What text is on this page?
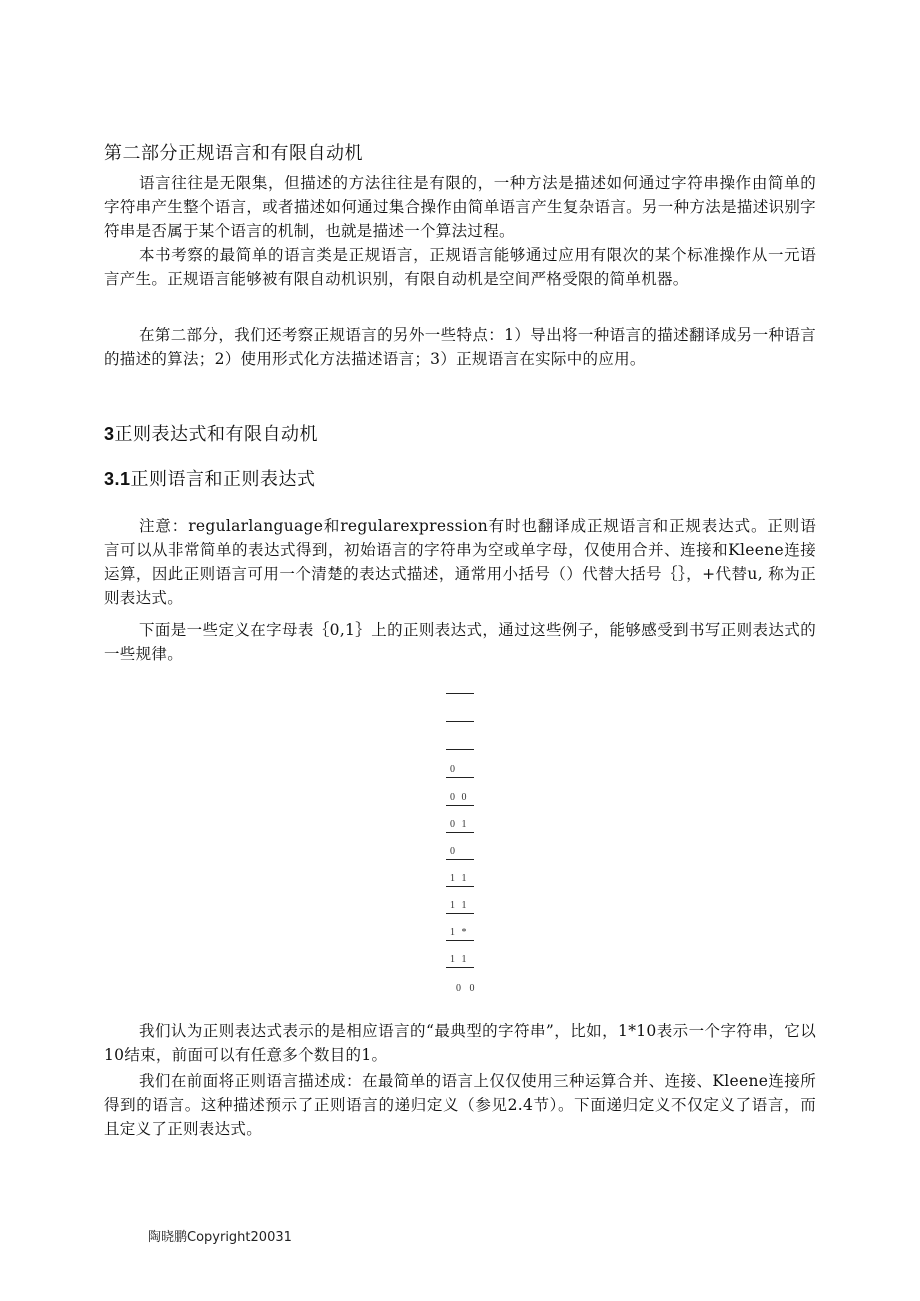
第二部分正规语言和有限自动机

语言往往是无限集，但描述的方法往往是有限的，一种方法是描述如何通过字符串操作由简单的字符串产生整个语言，或者描述如何通过集合操作由简单语言产生复杂语言。另一种方法是描述识别字符串是否属于某个语言的机制，也就是描述一个算法过程。

本书考察的最简单的语言类是正规语言，正规语言能够通过应用有限次的某个标准操作从一元语言产生。正规语言能够被有限自动机识别，有限自动机是空间严格受限的简单机器。

在第二部分，我们还考察正规语言的另外一些特点：1）导出将一种语言的描述翻译成另一种语言的描述的算法；2）使用形式化方法描述语言；3）正规语言在实际中的应用。

3正则表达式和有限自动机
3.1正则语言和正则表达式

注意：regularlanguage和regularexpression有时也翻译成正规语言和正规表达式。正则语言可以从非常简单的表达式得到，初始语言的字符串为空或单字母，仅使用合并、连接和Kleene连接运算，因此正则语言可用一个清楚的表达式描述，通常用小括号（）代替大括号｛｝，+代替u, 称为正则表达式。

下面是一些定义在字母表｛0,1｝上的正则表达式，通过这些例子，能够感受到书写正则表达式的一些规律。

0
0 0
0 1
0
1 1
1 1
1 *
1 1
0 0

我们认为正则表达式表示的是相应语言的“最典型的字符串”，比如，1*10表示一个字符串，它以10结束，前面可以有任意多个数目的1。

我们在前面将正则语言描述成：在最简单的语言上仅仅使用三种运算合并、连接、Kleene连接所得到的语言。这种描述预示了正则语言的递归定义（参见2.4节）。下面递归定义不仅定义了语言，而且定义了正则表达式。

陶晓鹏Copyright20031
